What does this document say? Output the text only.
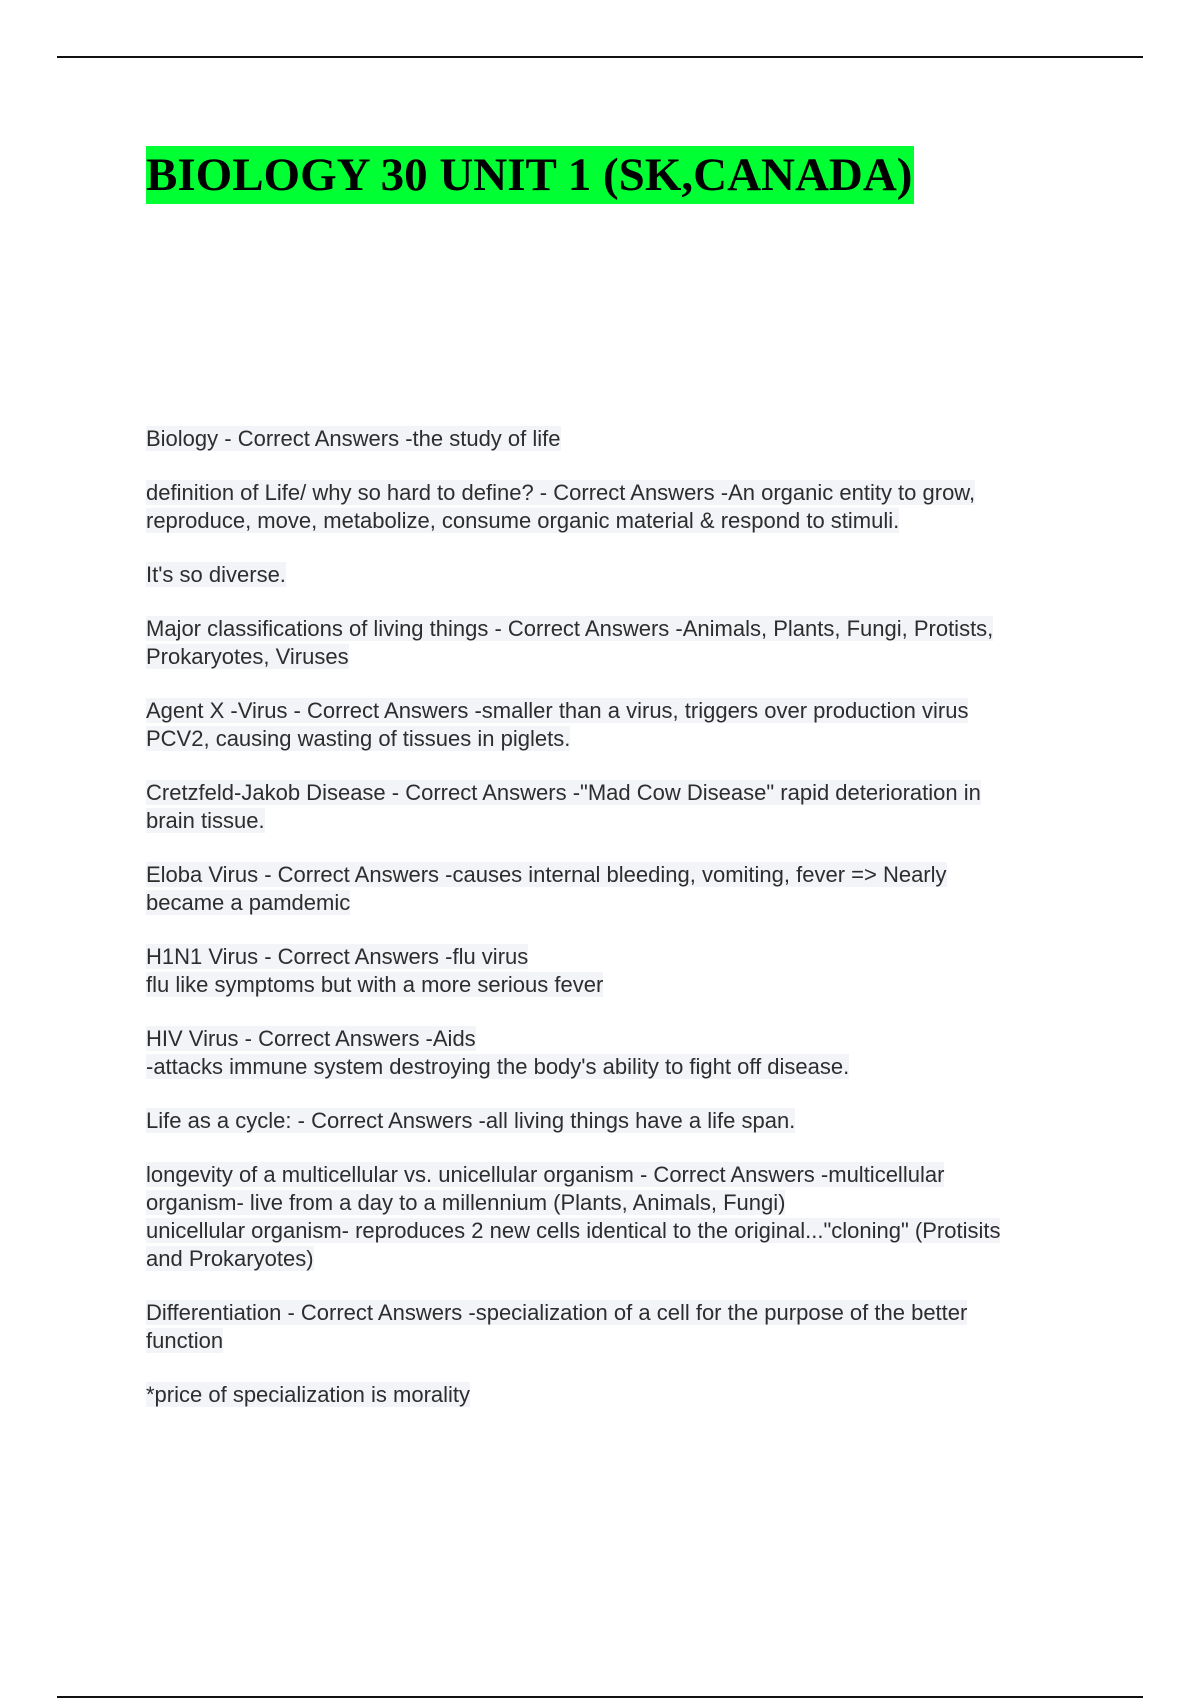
BIOLOGY 30 UNIT 1 (SK,CANADA)
Biology - Correct Answers -the study of life
definition of Life/ why so hard to define? - Correct Answers -An organic entity to grow,
reproduce, move, metabolize, consume organic material & respond to stimuli.
It's so diverse.
Major classifications of living things - Correct Answers -Animals, Plants, Fungi, Protists,
Prokaryotes, Viruses
Agent X -Virus - Correct Answers -smaller than a virus, triggers over production virus
PCV2, causing wasting of tissues in piglets.
Cretzfeld-Jakob Disease - Correct Answers -"Mad Cow Disease" rapid deterioration in
brain tissue.
Eloba Virus - Correct Answers -causes internal bleeding, vomiting, fever => Nearly
became a pamdemic
H1N1 Virus - Correct Answers -flu virus
flu like symptoms but with a more serious fever
HIV Virus - Correct Answers -Aids
-attacks immune system destroying the body's ability to fight off disease.
Life as a cycle: - Correct Answers -all living things have a life span.
longevity of a multicellular vs. unicellular organism - Correct Answers -multicellular
organism- live from a day to a millennium (Plants, Animals, Fungi)
unicellular organism- reproduces 2 new cells identical to the original..."cloning" (Protisits
and Prokaryotes)
Differentiation - Correct Answers -specialization of a cell for the purpose of the better
function
*price of specialization is morality
